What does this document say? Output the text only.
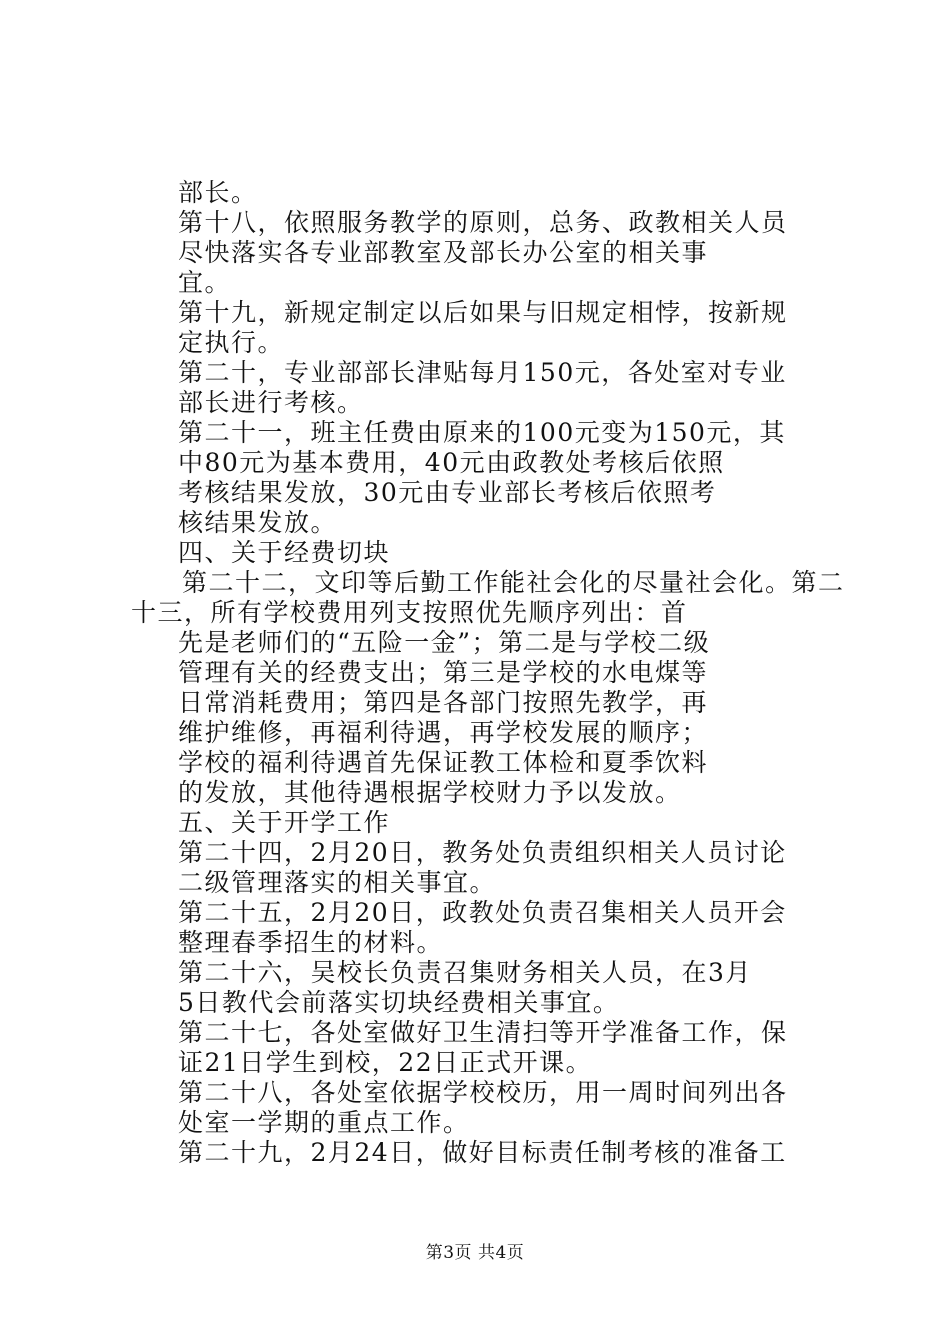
部长。
第十八，依照服务教学的原则，总务、政教相关人员
尽快落实各专业部教室及部长办公室的相关事
宜。
第十九，新规定制定以后如果与旧规定相悖，按新规
定执行。
第二十，专业部部长津贴每月150元，各处室对专业
部长进行考核。
第二十一，班主任费由原来的100元变为150元，其
中80元为基本费用，40元由政教处考核后依照
考核结果发放，30元由专业部长考核后依照考
核结果发放。
四、关于经费切块
第二十二，文印等后勤工作能社会化的尽量社会化。第二
十三，所有学校费用列支按照优先顺序列出：首
先是老师们的“五险一金”；第二是与学校二级
管理有关的经费支出；第三是学校的水电煤等
日常消耗费用；第四是各部门按照先教学，再
维护维修，再福利待遇，再学校发展的顺序；
学校的福利待遇首先保证教工体检和夏季饮料
的发放，其他待遇根据学校财力予以发放。
五、关于开学工作
第二十四，2月20日，教务处负责组织相关人员讨论
二级管理落实的相关事宜。
第二十五，2月20日，政教处负责召集相关人员开会
整理春季招生的材料。
第二十六，吴校长负责召集财务相关人员，在3月
5日教代会前落实切块经费相关事宜。
第二十七，各处室做好卫生清扫等开学准备工作，保
证21日学生到校，22日正式开课。
第二十八，各处室依据学校校历，用一周时间列出各
处室一学期的重点工作。
第二十九，2月24日，做好目标责任制考核的准备工
第3页 共4页
